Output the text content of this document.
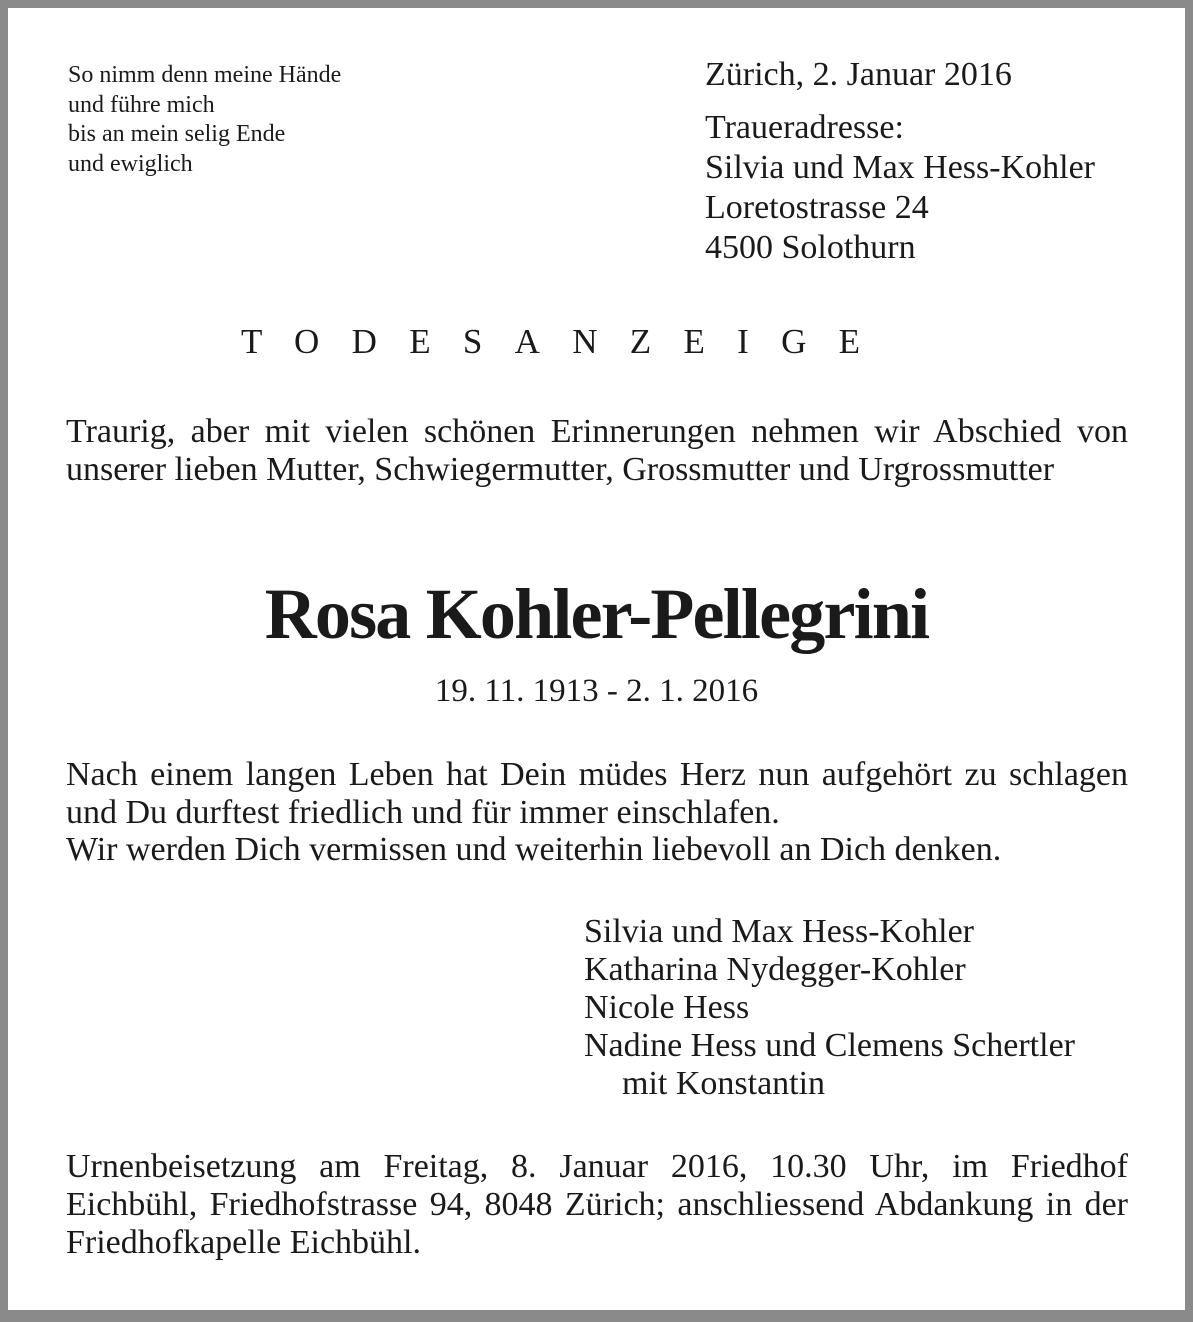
So nimm denn meine Hände
und führe mich
bis an mein selig Ende
und ewiglich
Zürich, 2. Januar 2016
Traueradresse:
Silvia und Max Hess-Kohler
Loretostrasse 24
4500 Solothurn
TODESANZEIGE
Traurig, aber mit vielen schönen Erinnerungen nehmen wir Abschied von unserer lieben Mutter, Schwiegermutter, Grossmutter und Urgrossmutter
Rosa Kohler-Pellegrini
19. 11. 1913 - 2. 1. 2016
Nach einem langen Leben hat Dein müdes Herz nun aufgehört zu schlagen und Du durftest friedlich und für immer einschlafen.
Wir werden Dich vermissen und weiterhin liebevoll an Dich denken.
Silvia und Max Hess-Kohler
Katharina Nydegger-Kohler
Nicole Hess
Nadine Hess und Clemens Schertler
mit Konstantin
Urnenbeisetzung am Freitag, 8. Januar 2016, 10.30 Uhr, im Friedhof Eichbühl, Friedhofstrasse 94, 8048 Zürich; anschliessend Abdankung in der Friedhofkapelle Eichbühl.
